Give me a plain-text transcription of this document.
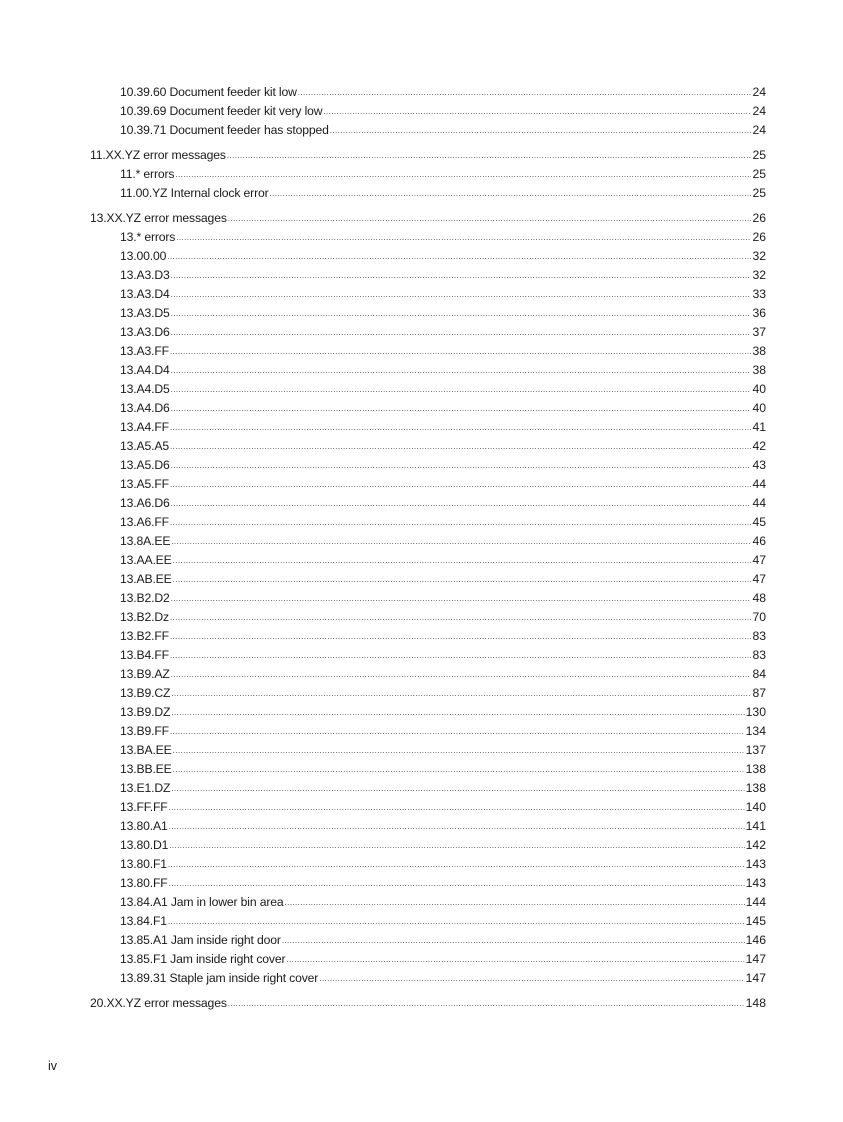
10.39.60 Document feeder kit low .....	24
10.39.69 Document feeder kit very low .....	24
10.39.71 Document feeder has stopped .....	24
11.XX.YZ error messages .....	25
11.* errors .....	25
11.00.YZ Internal clock error .....	25
13.XX.YZ error messages .....	26
13.* errors .....	26
13.00.00 .....	32
13.A3.D3 .....	32
13.A3.D4 .....	33
13.A3.D5 .....	36
13.A3.D6 .....	37
13.A3.FF .....	38
13.A4.D4 .....	38
13.A4.D5 .....	40
13.A4.D6 .....	40
13.A4.FF .....	41
13.A5.A5 .....	42
13.A5.D6 .....	43
13.A5.FF .....	44
13.A6.D6 .....	44
13.A6.FF .....	45
13.8A.EE .....	46
13.AA.EE .....	47
13.AB.EE .....	47
13.B2.D2 .....	48
13.B2.Dz .....	70
13.B2.FF .....	83
13.B4.FF .....	83
13.B9.AZ .....	84
13.B9.CZ .....	87
13.B9.DZ .....	130
13.B9.FF .....	134
13.BA.EE .....	137
13.BB.EE .....	138
13.E1.DZ .....	138
13.FF.FF .....	140
13.80.A1 .....	141
13.80.D1 .....	142
13.80.F1 .....	143
13.80.FF .....	143
13.84.A1 Jam in lower bin area .....	144
13.84.F1 .....	145
13.85.A1 Jam inside right door .....	146
13.85.F1 Jam inside right cover .....	147
13.89.31 Staple jam inside right cover .....	147
20.XX.YZ error messages .....	148
iv
